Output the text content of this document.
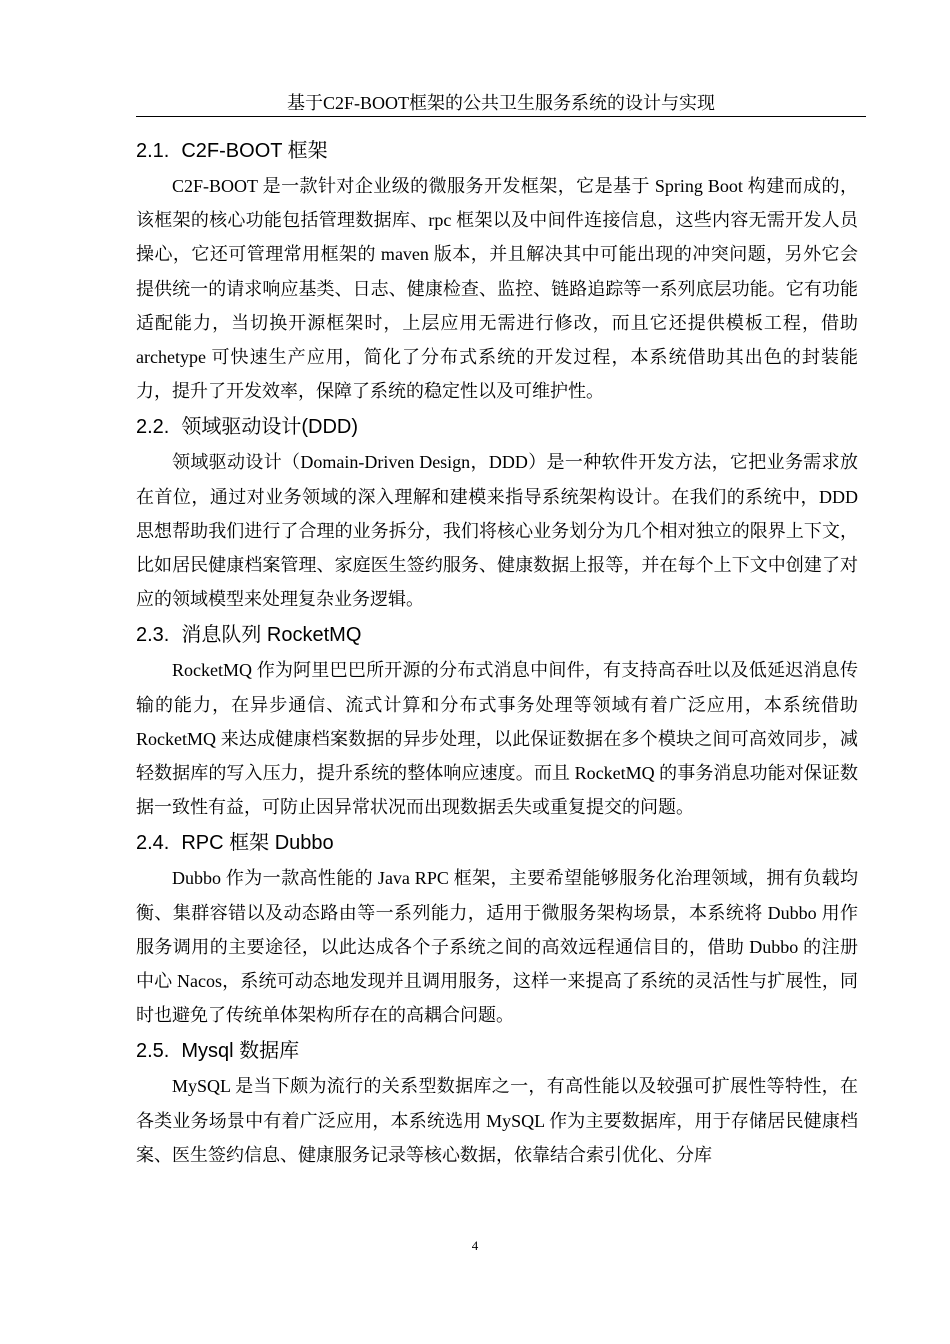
基于C2F-BOOT框架的公共卫生服务系统的设计与实现
2.1. C2F-BOOT 框架

C2F-BOOT 是一款针对企业级的微服务开发框架，它是基于 Spring Boot 构建而成的，该框架的核心功能包括管理数据库、rpc 框架以及中间件连接信息，这些内容无需开发人员操心，它还可管理常用框架的 maven 版本，并且解决其中可能出现的冲突问题，另外它会提供统一的请求响应基类、日志、健康检查、监控、链路追踪等一系列底层功能。它有功能适配能力，当切换开源框架时，上层应用无需进行修改，而且它还提供模板工程，借助 archetype 可快速生产应用，简化了分布式系统的开发过程，本系统借助其出色的封装能力，提升了开发效率，保障了系统的稳定性以及可维护性。

2.2. 领域驱动设计(DDD)

领域驱动设计（Domain-Driven Design，DDD）是一种软件开发方法，它把业务需求放在首位，通过对业务领域的深入理解和建模来指导系统架构设计。在我们的系统中，DDD 思想帮助我们进行了合理的业务拆分，我们将核心业务划分为几个相对独立的限界上下文，比如居民健康档案管理、家庭医生签约服务、健康数据上报等，并在每个上下文中创建了对应的领域模型来处理复杂业务逻辑。

2.3. 消息队列 RocketMQ

RocketMQ 作为阿里巴巴所开源的分布式消息中间件，有支持高吞吐以及低延迟消息传输的能力，在异步通信、流式计算和分布式事务处理等领域有着广泛应用，本系统借助 RocketMQ 来达成健康档案数据的异步处理，以此保证数据在多个模块之间可高效同步，减轻数据库的写入压力，提升系统的整体响应速度。而且 RocketMQ 的事务消息功能对保证数据一致性有益，可防止因异常状况而出现数据丢失或重复提交的问题。

2.4. RPC 框架 Dubbo

Dubbo 作为一款高性能的 Java RPC 框架，主要希望能够服务化治理领域，拥有负载均衡、集群容错以及动态路由等一系列能力，适用于微服务架构场景，本系统将 Dubbo 用作服务调用的主要途径，以此达成各个子系统之间的高效远程通信目的，借助 Dubbo 的注册中心 Nacos，系统可动态地发现并且调用服务，这样一来提高了系统的灵活性与扩展性，同时也避免了传统单体架构所存在的高耦合问题。

2.5. Mysql 数据库

MySQL 是当下颇为流行的关系型数据库之一，有高性能以及较强可扩展性等特性，在各类业务场景中有着广泛应用，本系统选用 MySQL 作为主要数据库，用于存储居民健康档案、医生签约信息、健康服务记录等核心数据，依靠结合索引优化、分库

4
